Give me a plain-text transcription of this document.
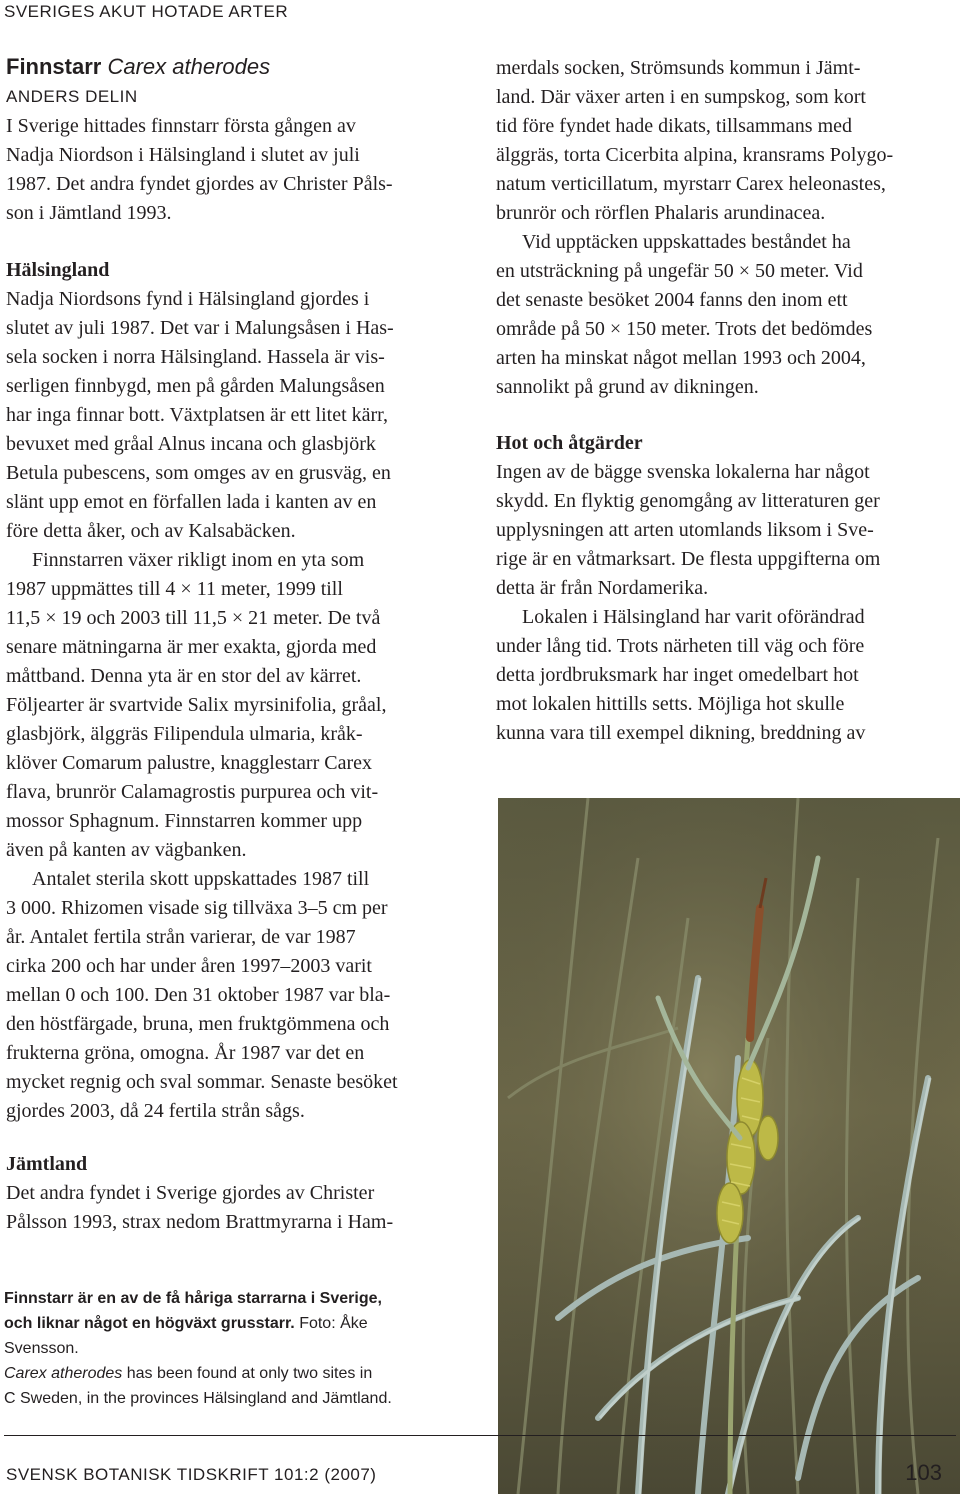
SVERIGES AKUT HOTADE ARTER
Finnstarr Carex atherodes
ANDERS DELIN
I Sverige hittades finnstarr första gången av
Nadja Niordson i Hälsingland i slutet av juli
1987. Det andra fyndet gjordes av Christer Påls-
son i Jämtland 1993.
Hälsingland
Nadja Niordsons fynd i Hälsingland gjordes i
slutet av juli 1987. Det var i Malungsåsen i Has-
sela socken i norra Hälsingland. Hassela är vis-
serligen finnbygd, men på gården Malungsåsen
har inga finnar bott. Växtplatsen är ett litet kärr,
bevuxet med gråal Alnus incana och glasbjörk
Betula pubescens, som omges av en grusväg, en
slänt upp emot en förfallen lada i kanten av en
före detta åker, och av Kalsabäcken.
Finnstarren växer rikligt inom en yta som
1987 uppmättes till 4 × 11 meter, 1999 till
11,5 × 19 och 2003 till 11,5 × 21 meter. De två
senare mätningarna är mer exakta, gjorda med
måttband. Denna yta är en stor del av kärret.
Följearter är svartvide Salix myrsinifolia, gråal,
glasbjörk, älggräs Filipendula ulmaria, kråk-
klöver Comarum palustre, knagglestarr Carex
flava, brunrör Calamagrostis purpurea och vit-
mossor Sphagnum. Finnstarren kommer upp
även på kanten av vägbanken.
Antalet sterila skott uppskattades 1987 till
3 000. Rhizomen visade sig tillväxa 3–5 cm per
år. Antalet fertila strån varierar, de var 1987
cirka 200 och har under åren 1997–2003 varit
mellan 0 och 100. Den 31 oktober 1987 var bla-
den höstfärgade, bruna, men fruktgömmena och
frukterna gröna, omogna. År 1987 var det en
mycket regnig och sval sommar. Senaste besöket
gjordes 2003, då 24 fertila strån sågs.
Jämtland
Det andra fyndet i Sverige gjordes av Christer
Pålsson 1993, strax nedom Brattmyrarna i Ham-
merdals socken, Strömsunds kommun i Jämt-
land. Där växer arten i en sumpskog, som kort
tid före fyndet hade dikats, tillsammans med
älggräs, torta Cicerbita alpina, kransrams Polygo-
natum verticillatum, myrstarr Carex heleonastes,
brunrör och rörflen Phalaris arundinacea.
Vid upptäcken uppskattades beståndet ha
en utsträckning på ungefär 50 × 50 meter. Vid
det senaste besöket 2004 fanns den inom ett
område på 50 × 150 meter. Trots det bedömdes
arten ha minskat något mellan 1993 och 2004,
sannolikt på grund av dikningen.
Hot och åtgärder
Ingen av de bägge svenska lokalerna har något
skydd. En flyktig genomgång av litteraturen ger
upplysningen att arten utomlands liksom i Sve-
rige är en våtmarksart. De flesta uppgifterna om
detta är från Nordamerika.
Lokalen i Hälsingland har varit oförändrad
under lång tid. Trots närheten till väg och före
detta jordbruksmark har inget omedelbart hot
mot lokalen hittills setts. Möjliga hot skulle
kunna vara till exempel dikning, breddning av
Finnstarr är en av de få håriga starrarna i Sverige,
och liknar något en högväxt grusstarr. Foto: Åke
Svensson.
Carex atherodes has been found at only two sites in
C Sweden, in the provinces Hälsingland and Jämtland.
SVENSK BOTANISK TIDSKRIFT 101:2 (2007)	103
